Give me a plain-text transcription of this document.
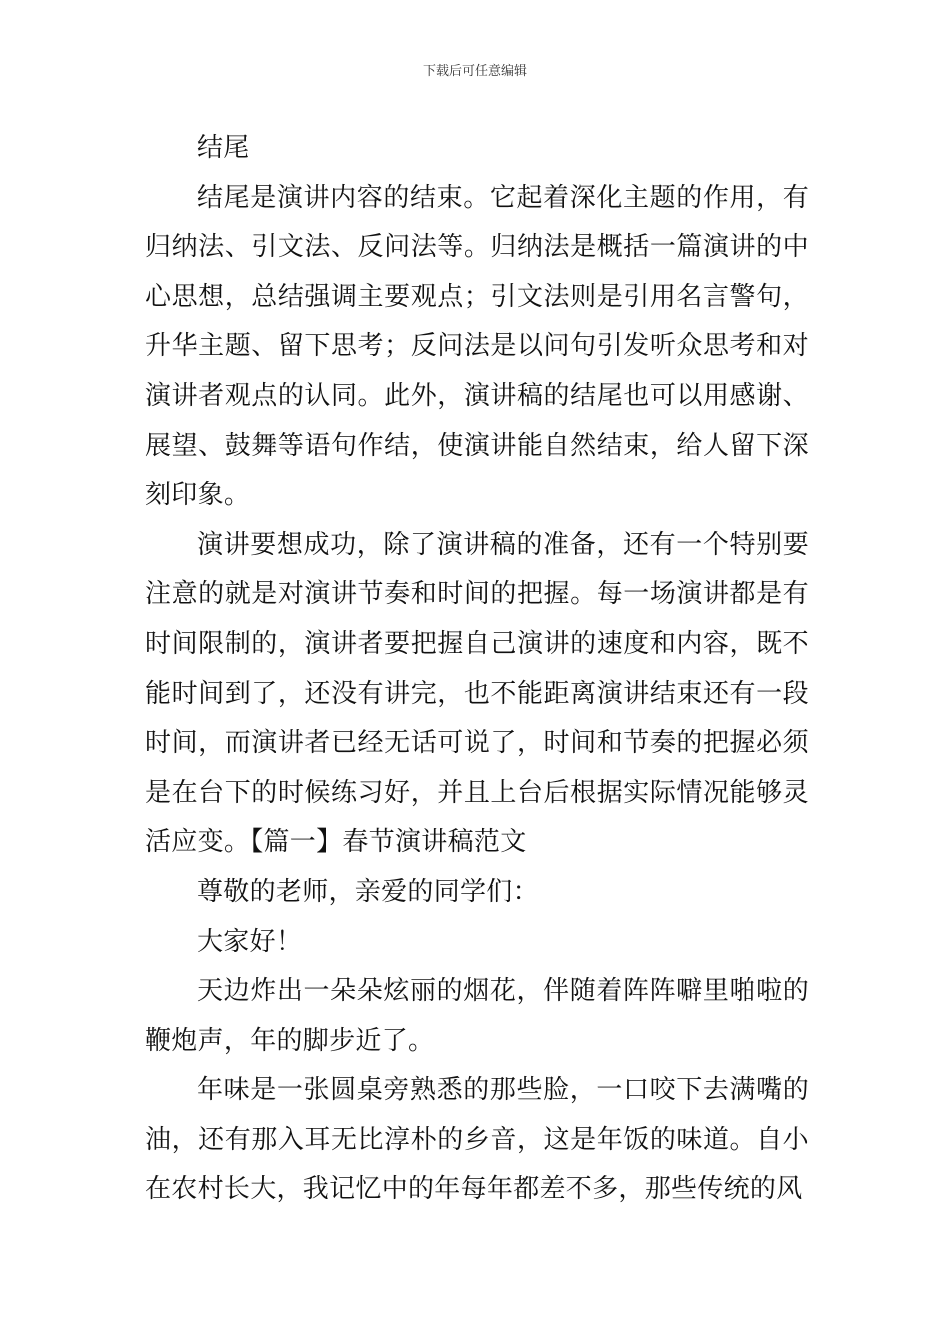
下载后可任意编辑

结尾

结尾是演讲内容的结束。它起着深化主题的作用，有归纳法、引文法、反问法等。归纳法是概括一篇演讲的中心思想，总结强调主要观点；引文法则是引用名言警句，升华主题、留下思考；反问法是以问句引发听众思考和对演讲者观点的认同。此外，演讲稿的结尾也可以用感谢、展望、鼓舞等语句作结，使演讲能自然结束，给人留下深刻印象。

演讲要想成功，除了演讲稿的准备，还有一个特别要注意的就是对演讲节奏和时间的把握。每一场演讲都是有时间限制的，演讲者要把握自己演讲的速度和内容，既不能时间到了，还没有讲完，也不能距离演讲结束还有一段时间，而演讲者已经无话可说了，时间和节奏的把握必须是在台下的时候练习好，并且上台后根据实际情况能够灵活应变。【篇一】春节演讲稿范文

尊敬的老师，亲爱的同学们：

大家好！

天边炸出一朵朵炫丽的烟花，伴随着阵阵噼里啪啦的鞭炮声，年的脚步近了。

年味是一张圆桌旁熟悉的那些脸，一口咬下去满嘴的油，还有那入耳无比淳朴的乡音，这是年饭的味道。自小在农村长大，我记忆中的年每年都差不多，那些传统的风
